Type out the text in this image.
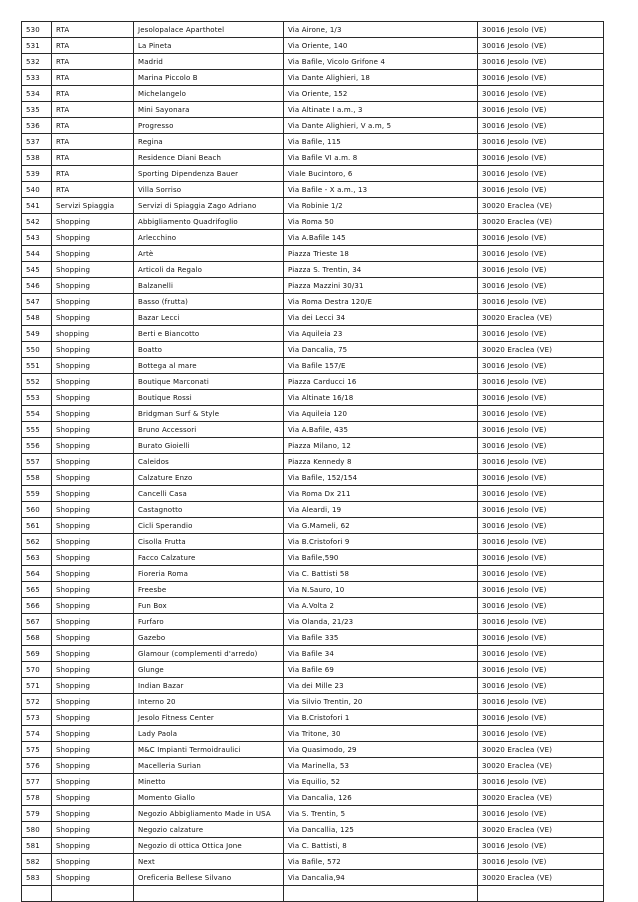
530	RTA	Jesolopalace Aparthotel	Via Airone, 1/3	30016 Jesolo (VE)
531	RTA	La Pineta	Via Oriente, 140	30016 Jesolo (VE)
532	RTA	Madrid	Via Bafile, Vicolo Grifone 4	30016 Jesolo (VE)
533	RTA	Marina Piccolo B	Via Dante Alighieri, 18	30016 Jesolo (VE)
534	RTA	Michelangelo	Via Oriente, 152	30016 Jesolo (VE)
535	RTA	Mini Sayonara	Via Altinate I a.m., 3	30016 Jesolo (VE)
536	RTA	Progresso	Via Dante Alighieri, V a.m, 5	30016 Jesolo (VE)
537	RTA	Regina	Via Bafile, 115	30016 Jesolo (VE)
538	RTA	Residence Diani Beach	Via Bafile VI a.m. 8	30016 Jesolo (VE)
539	RTA	Sporting Dipendenza Bauer	Viale Bucintoro, 6	30016 Jesolo (VE)
540	RTA	Villa Sorriso	Via Bafile - X a.m., 13	30016 Jesolo (VE)
541	Servizi Spiaggia	Servizi di Spiaggia Zago Adriano	Via Robinie 1/2	30020 Eraclea (VE)
542	Shopping	Abbigliamento Quadrifoglio	Via Roma 50	30020 Eraclea (VE)
543	Shopping	Arlecchino	Via A.Bafile 145	30016 Jesolo (VE)
544	Shopping	Artè	Piazza Trieste 18	30016 Jesolo (VE)
545	Shopping	Articoli da Regalo	Piazza S. Trentin, 34	30016 Jesolo (VE)
546	Shopping	Balzanelli	Piazza Mazzini 30/31	30016 Jesolo (VE)
547	Shopping	Basso (frutta)	Via Roma Destra 120/E	30016 Jesolo (VE)
548	Shopping	Bazar Lecci	Via dei Lecci 34	30020 Eraclea (VE)
549	shopping	Berti e Biancotto	Via Aquileia 23	30016 Jesolo (VE)
550	Shopping	Boatto	Via Dancalia, 75	30020 Eraclea (VE)
551	Shopping	Bottega al mare	Via Bafile 157/E	30016 Jesolo (VE)
552	Shopping	Boutique Marconati	Piazza Carducci 16	30016 Jesolo (VE)
553	Shopping	Boutique Rossi	Via Altinate 16/18	30016 Jesolo (VE)
554	Shopping	Bridgman Surf & Style	Via Aquileia 120	30016 Jesolo (VE)
555	Shopping	Bruno Accessori	Via A.Bafile, 435	30016 Jesolo (VE)
556	Shopping	Burato Gioielli	Piazza Milano, 12	30016 Jesolo (VE)
557	Shopping	Caleidos	Piazza Kennedy 8	30016 Jesolo (VE)
558	Shopping	Calzature Enzo	Via Bafile, 152/154	30016 Jesolo (VE)
559	Shopping	Cancelli Casa	Via Roma Dx 211	30016 Jesolo (VE)
560	Shopping	Castagnotto	Via Aleardi, 19	30016 Jesolo (VE)
561	Shopping	Cicli Sperandio	Via G.Mameli, 62	30016 Jesolo (VE)
562	Shopping	Cisolla Frutta	Via B.Cristofori 9	30016 Jesolo (VE)
563	Shopping	Facco Calzature	Via Bafile,590	30016 Jesolo (VE)
564	Shopping	Fioreria Roma	Via C. Battisti 58	30016 Jesolo (VE)
565	Shopping	Freesbe	Via N.Sauro, 10	30016 Jesolo (VE)
566	Shopping	Fun Box	Via A.Volta 2	30016 Jesolo (VE)
567	Shopping	Furfaro	Via Olanda, 21/23	30016 Jesolo (VE)
568	Shopping	Gazebo	Via Bafile 335	30016 Jesolo (VE)
569	Shopping	Glamour (complementi d'arredo)	Via Bafile 34	30016 Jesolo (VE)
570	Shopping	Glunge	Via Bafile 69	30016 Jesolo (VE)
571	Shopping	Indian Bazar	Via dei Mille 23	30016 Jesolo (VE)
572	Shopping	Interno 20	Via Silvio Trentin, 20	30016 Jesolo (VE)
573	Shopping	Jesolo Fitness Center	Via B.Cristofori 1	30016 Jesolo (VE)
574	Shopping	Lady Paola	Via Tritone, 30	30016 Jesolo (VE)
575	Shopping	M&C Impianti Termoidraulici	Via Quasimodo, 29	30020 Eraclea (VE)
576	Shopping	Macelleria Surian	Via Marinella, 53	30020 Eraclea (VE)
577	Shopping	Minetto	Via Equilio, 52	30016 Jesolo (VE)
578	Shopping	Momento Giallo	Via Dancalia, 126	30020 Eraclea (VE)
579	Shopping	Negozio Abbigliamento Made in USA	Via S. Trentin, 5	30016 Jesolo (VE)
580	Shopping	Negozio calzature	Via Dancallia, 125	30020 Eraclea (VE)
581	Shopping	Negozio di ottica Ottica Jone	Via C. Battisti, 8	30016 Jesolo (VE)
582	Shopping	Next	Via Bafile, 572	30016 Jesolo (VE)
583	Shopping	Oreficeria Bellese Silvano	Via Dancalia,94	30020 Eraclea (VE)
